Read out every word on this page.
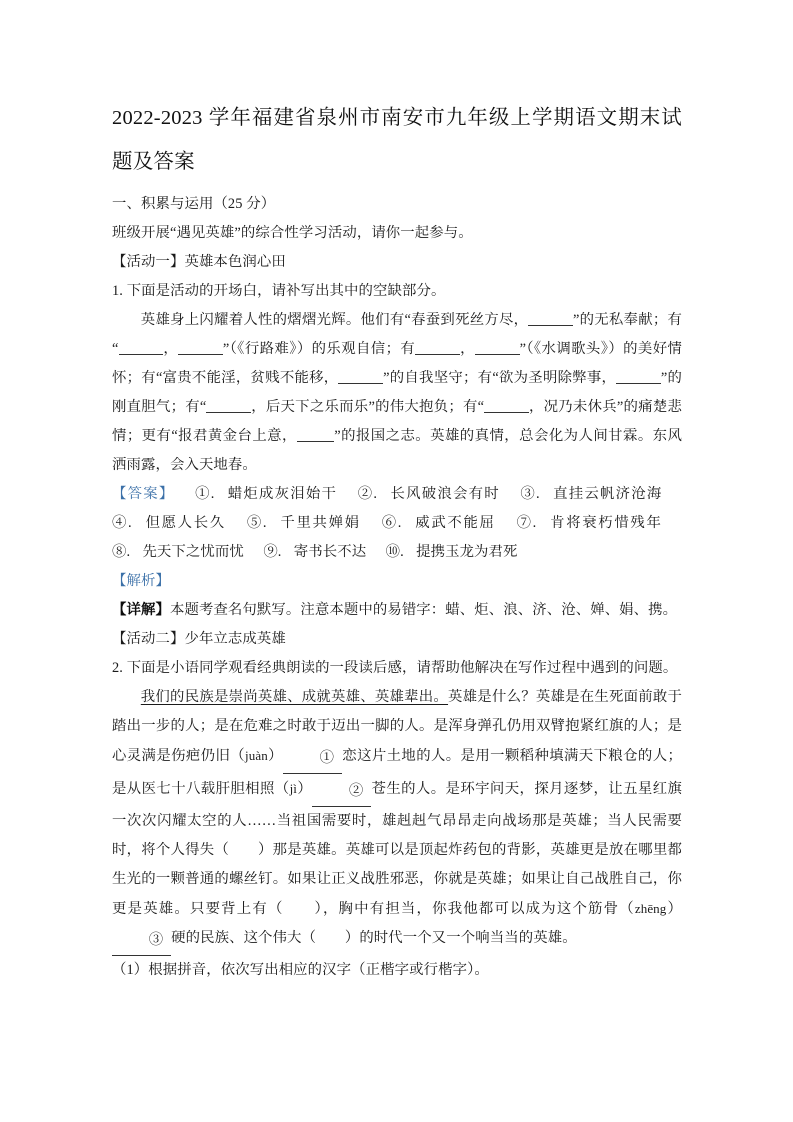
2022-2023 学年福建省泉州市南安市九年级上学期语文期末试题及答案

一、积累与运用（25 分）

班级开展“遇见英雄”的综合性学习活动，请你一起参与。

【活动一】英雄本色润心田

1. 下面是活动的开场白，请补写出其中的空缺部分。

英雄身上闪耀着人性的熠熠光辉。他们有“春蚕到死丝方尽，	”的无私奉献；有“	，	”（《行路难》）的乐观自信；有	，	”（《水调歌头》）的美好情怀；有“富贵不能淫，贫贱不能移，	”的自我坚守；有“欲为圣明除弊事，	”的刚直胆气；有“	，后天下之乐而乐”的伟大抱负；有“	，况乃未休兵”的痛楚悲情；更有“报君黄金台上意，	”的报国之志。英雄的真情，总会化为人间甘霖。东风洒雨露，会入天地春。

【答案】 ①. 蜡炬成灰泪始干 ②. 长风破浪会有时 ③. 直挂云帆济沧海④. 但愿人长久 ⑤. 千里共婵娟 ⑥. 威武不能屈 ⑦. 肯将衰朽惜残年⑧. 先天下之忧而忧 ⑨. 寄书长不达 ⑩. 提携玉龙为君死

【解析】

【详解】本题考查名句默写。注意本题中的易错字：蜡、炬、浪、济、沧、婵、娟、携。

【活动二】少年立志成英雄

2. 下面是小语同学观看经典朗读的一段读后感，请帮助他解决在写作过程中遇到的问题。

我们的民族是崇尚英雄、成就英雄、英雄辈出。英雄是什么？英雄是在生死面前敢于踏出一步的人；是在危难之时敢于迈出一脚的人。是浑身弹孔仍用双臂抱紧红旗的人；是心灵满是伤疤仍旧（juàn）	① 恋这片土地的人。是用一颗稻种填满天下粮仓的人；是从医七十八载肝胆相照（jì）	② 苍生的人。是环宇问天，探月逐梦，让五星红旗一次次闪耀太空的人……当祖国需要时，雄赳赳气昂昂走向战场那是英雄；当人民需要时，将个人得失（　　 ）那是英雄。英雄可以是顶起炸药包的背影，英雄更是放在哪里都生光的一颗普通的螺丝钉。如果让正义战胜邪恶，你就是英雄；如果让自己战胜自己，你更是英雄。只要背上有（　　 ），胸中有担当，你我他都可以成为这个筋骨（zhēng）③ 硬的民族、这个伟大（　　 ）的时代一个又一个响当当的英雄。

（1）根据拼音，依次写出相应的汉字（正楷字或行楷字）。
